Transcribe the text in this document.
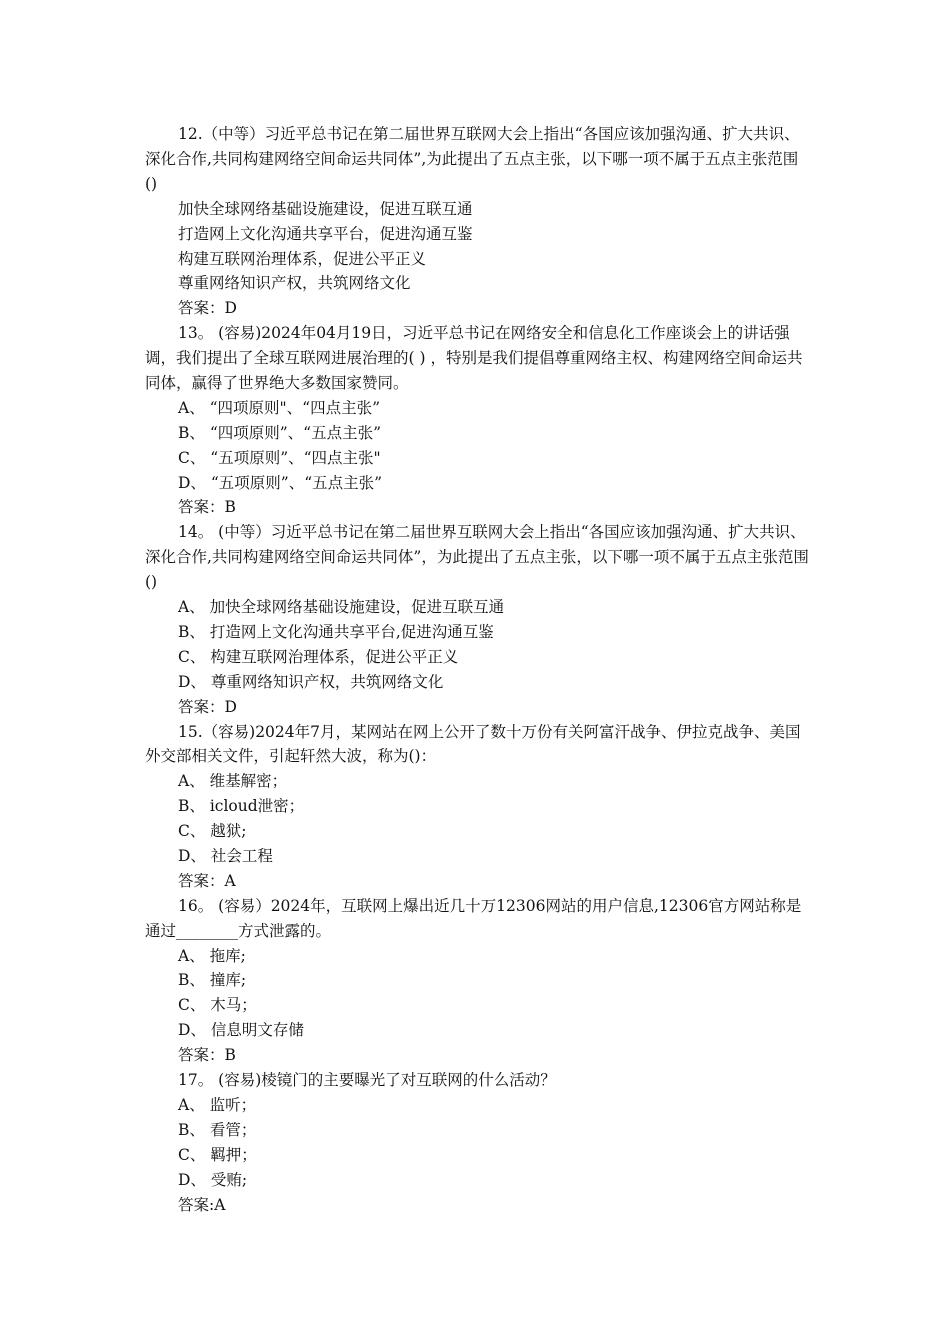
12.（中等）习近平总书记在第二届世界互联网大会上指出“各国应该加强沟通、扩大共识、深化合作,共同构建网络空间命运共同体”,为此提出了五点主张，以下哪一项不属于五点主张范围()
加快全球网络基础设施建设，促进互联互通
打造网上文化沟通共享平台，促进沟通互鉴
构建互联网治理体系，促进公平正义
尊重网络知识产权，共筑网络文化
答案：D
13。 (容易)2024年04月19日，习近平总书记在网络安全和信息化工作座谈会上的讲话强调，我们提出了全球互联网进展治理的( ) ，特别是我们提倡尊重网络主权、构建网络空间命运共同体，赢得了世界绝大多数国家赞同。
A、 “四项原则"、“四点主张”
B、 “四项原则”、“五点主张”
C、 “五项原则”、“四点主张"
D、 “五项原则”、“五点主张”
答案：B
14。 (中等）习近平总书记在第二届世界互联网大会上指出“各国应该加强沟通、扩大共识、深化合作,共同构建网络空间命运共同体”，为此提出了五点主张，以下哪一项不属于五点主张范围()
A、 加快全球网络基础设施建设，促进互联互通
B、 打造网上文化沟通共享平台,促进沟通互鉴
C、 构建互联网治理体系，促进公平正义
D、 尊重网络知识产权，共筑网络文化
答案：D
15.（容易)2024年7月，某网站在网上公开了数十万份有关阿富汗战争、伊拉克战争、美国外交部相关文件，引起轩然大波，称为()：
A、 维基解密；
B、 icloud泄密；
C、 越狱;
D、 社会工程
答案：A
16。 (容易）2024年，互联网上爆出近几十万12306网站的用户信息,12306官方网站称是通过________方式泄露的。
A、 拖库;
B、 撞库;
C、 木马；
D、 信息明文存储
答案：B
17。 (容易)棱镜门的主要曝光了对互联网的什么活动？
A、 监听；
B、 看管；
C、 羁押；
D、 受贿;
答案:A
